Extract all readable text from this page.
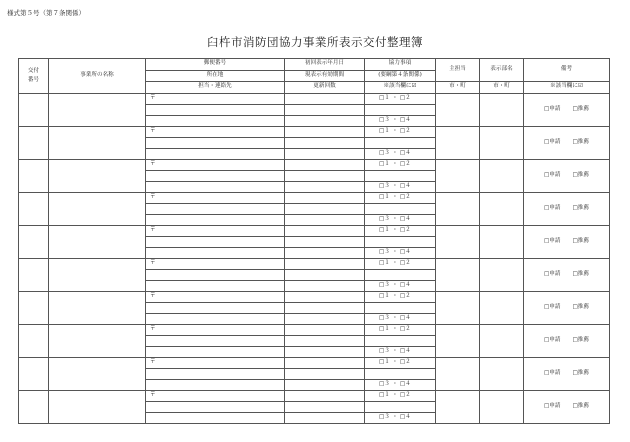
様式第５号（第７条関係）
臼杵市消防団協力事業所表示交付整理簿
交付
番号	事業所の名称	郵便番号	初回表示年月日	協力事項	主担当	表示部名	備考
		所在地	現表示有効期間	(要綱第４条関係)			
		担当・連絡先	更新回数	※該当欄に☑	市・町	市・町	※該当欄に☑
		〒		□１ ・ □２			□申請 □推薦

				□３ ・ □４			
		〒		□１ ・ □２			□申請 □推薦

				□３ ・ □４			
		〒		□１ ・ □２			□申請 □推薦

				□３ ・ □４			
		〒		□１ ・ □２			□申請 □推薦

				□３ ・ □４			
		〒		□１ ・ □２			□申請 □推薦

				□３ ・ □４			
		〒		□１ ・ □２			□申請 □推薦

				□３ ・ □４			
		〒		□１ ・ □２			□申請 □推薦

				□３ ・ □４			
		〒		□１ ・ □２			□申請 □推薦

				□３ ・ □４			
		〒		□１ ・ □２			□申請 □推薦

				□３ ・ □４			
		〒		□１ ・ □２			□申請 □推薦

				□３ ・ □４			
